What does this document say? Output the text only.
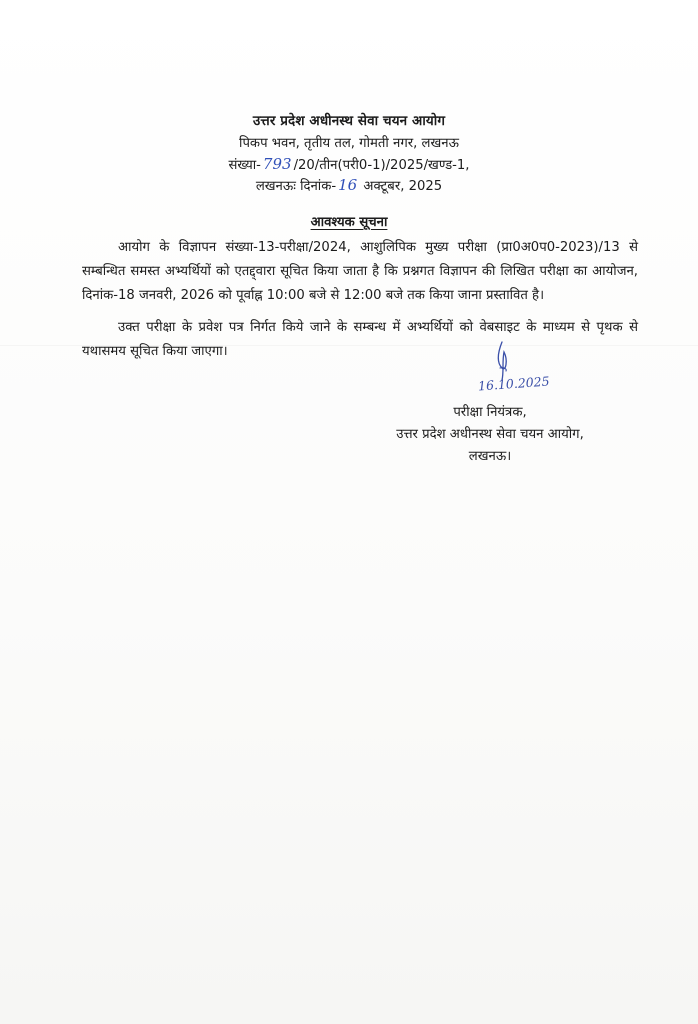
उत्तर प्रदेश अधीनस्थ सेवा चयन आयोग
पिकप भवन, तृतीय तल, गोमती नगर, लखनऊ
संख्या- 793 /20/तीन(परी0-1)/2025/खण्ड-1,
लखनऊः दिनांक- 16 अक्टूबर, 2025
आवश्यक सूचना

आयोग के विज्ञापन संख्या-13-परीक्षा/2024, आशुलिपिक मुख्य परीक्षा (प्रा0अ0प0-2023)/13 से सम्बन्धित समस्त अभ्यर्थियों को एतद्द्वारा सूचित किया जाता है कि प्रश्नगत विज्ञापन की लिखित परीक्षा का आयोजन, दिनांक-18 जनवरी, 2026 को पूर्वाह्न 10:00 बजे से 12:00 बजे तक किया जाना प्रस्तावित है।

उक्त परीक्षा के प्रवेश पत्र निर्गत किये जाने के सम्बन्ध में अभ्यर्थियों को वेबसाइट के माध्यम से पृथक से यथासमय सूचित किया जाएगा।

16.10.2025
परीक्षा नियंत्रक,
उत्तर प्रदेश अधीनस्थ सेवा चयन आयोग,
लखनऊ।
